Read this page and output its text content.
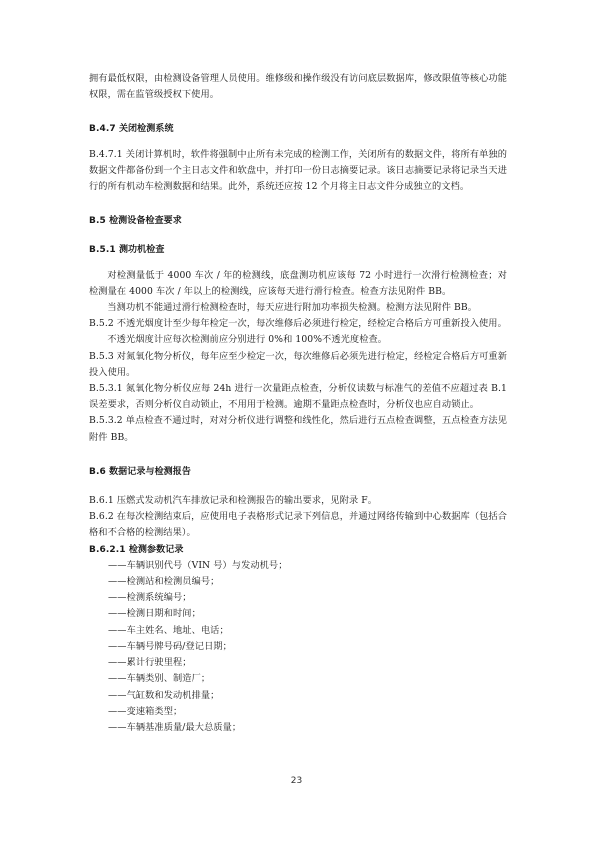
拥有最低权限，由检测设备管理人员使用。维修级和操作级没有访问底层数据库，修改限值等核心功能权限，需在监管级授权下使用。

B.4.7 关闭检测系统

B.4.7.1 关闭计算机时，软件将强制中止所有未完成的检测工作，关闭所有的数据文件，将所有单独的数据文件都备份到一个主日志文件和软盘中，并打印一份日志摘要记录。该日志摘要记录将记录当天进行的所有机动车检测数据和结果。此外，系统还应按 12 个月将主日志文件分成独立的文档。

B.5 检测设备检查要求

B.5.1 测功机检查

对检测量低于 4000 车次 / 年的检测线，底盘测功机应该每 72 小时进行一次滑行检测检查；对检测量在 4000 车次 / 年以上的检测线，应该每天进行滑行检查。检查方法见附件 BB。

当测功机不能通过滑行检测检查时，每天应进行附加功率损失检测。检测方法见附件 BB。

B.5.2 不透光烟度计至少每年检定一次，每次维修后必须进行检定，经检定合格后方可重新投入使用。

不透光烟度计应每次检测前应分别进行 0%和 100%不透光度检查。

B.5.3 对氮氧化物分析仪，每年应至少检定一次，每次维修后必须先进行检定，经检定合格后方可重新投入使用。

B.5.3.1 氮氧化物分析仪应每 24h 进行一次量距点检查，分析仪读数与标准气的差值不应超过表 B.1 误差要求，否则分析仪自动锁止，不用用于检测。逾期不量距点检查时，分析仪也应自动锁止。

B.5.3.2 单点检查不通过时，对对分析仪进行调整和线性化，然后进行五点检查调整，五点检查方法见附件 BB。

B.6 数据记录与检测报告

B.6.1 压燃式发动机汽车排放记录和检测报告的输出要求，见附录 F。

B.6.2 在每次检测结束后，应使用电子表格形式记录下列信息，并通过网络传输到中心数据库（包括合格和不合格的检测结果）。

B.6.2.1 检测参数记录

——车辆识别代号（VIN 号）与发动机号；
——检测站和检测员编号；
——检测系统编号；
——检测日期和时间；
——车主姓名、地址、电话；
——车辆号牌号码/登记日期；
——累计行驶里程；
——车辆类别、制造厂；
——气缸数和发动机排量；
——变速箱类型；
——车辆基准质量/最大总质量；
23
